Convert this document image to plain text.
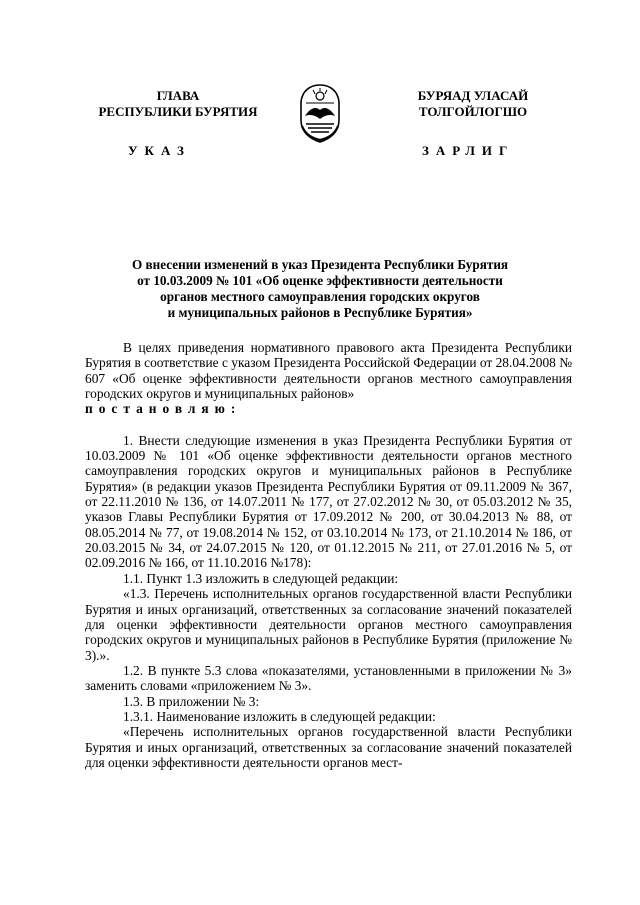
ГЛАВА
РЕСПУБЛИКИ БУРЯТИЯ
БУРЯАД УЛАСАЙ
ТОЛГОЙЛОГШО
УКАЗ	ЗАРЛИГ
О внесении изменений в указ Президента Республики Бурятия
от 10.03.2009 № 101 «Об оценке эффективности деятельности
органов местного самоуправления городских округов
и муниципальных районов в Республике Бурятия»

В целях приведения нормативного правового акта Президента Республики Бурятия в соответствие с указом Президента Российской Федерации от 28.04.2008 № 607 «Об оценке эффективности деятельности органов местного самоуправления городских округов и муниципальных районов»

постановляю:

1. Внести следующие изменения в указ Президента Республики Бурятия от 10.03.2009 № 101 «Об оценке эффективности деятельности органов местного самоуправления городских округов и муниципальных районов в Республике Бурятия» (в редакции указов Президента Республики Бурятия от 09.11.2009 № 367, от 22.11.2010 № 136, от 14.07.2011 № 177, от 27.02.2012 № 30, от 05.03.2012 № 35, указов Главы Республики Бурятия от 17.09.2012 № 200, от 30.04.2013 № 88, от 08.05.2014 № 77, от 19.08.2014 № 152, от 03.10.2014 № 173, от 21.10.2014 № 186, от 20.03.2015 № 34, от 24.07.2015 № 120, от 01.12.2015 № 211, от 27.01.2016 № 5, от 02.09.2016 № 166, от 11.10.2016 №178):

1.1. Пункт 1.3 изложить в следующей редакции:

«1.3. Перечень исполнительных органов государственной власти Республики Бурятия и иных организаций, ответственных за согласование значений показателей для оценки эффективности деятельности органов местного самоуправления городских округов и муниципальных районов в Республике Бурятия (приложение № 3).».

1.2. В пункте 5.3 слова «показателями, установленными в приложении № 3» заменить словами «приложением № 3».

1.3. В приложении № 3:

1.3.1. Наименование изложить в следующей редакции:

«Перечень исполнительных органов государственной власти Республики Бурятия и иных организаций, ответственных за согласование значений показателей для оценки эффективности деятельности органов мест-
